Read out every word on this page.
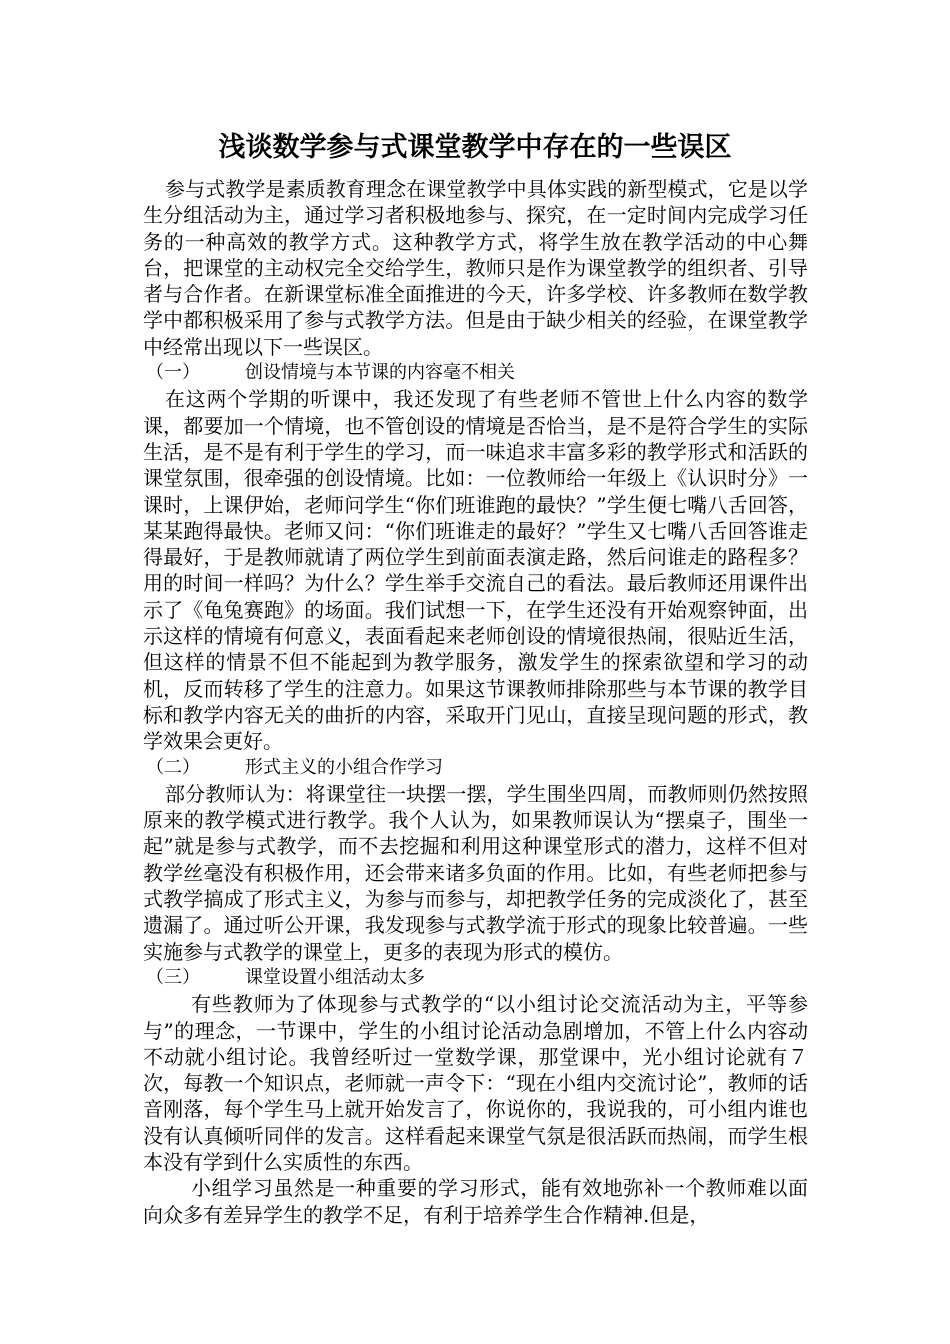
浅谈数学参与式课堂教学中存在的一些误区

参与式教学是素质教育理念在课堂教学中具体实践的新型模式，它是以学生分组活动为主，通过学习者积极地参与、探究，在一定时间内完成学习任务的一种高效的教学方式。这种教学方式，将学生放在教学活动的中心舞台，把课堂的主动权完全交给学生，教师只是作为课堂教学的组织者、引导者与合作者。在新课堂标准全面推进的今天，许多学校、许多教师在数学教学中都积极采用了参与式教学方法。但是由于缺少相关的经验，在课堂教学中经常出现以下一些误区。

（一）	创设情境与本节课的内容毫不相关

在这两个学期的听课中，我还发现了有些老师不管世上什么内容的数学课，都要加一个情境，也不管创设的情境是否恰当，是不是符合学生的实际生活，是不是有利于学生的学习，而一味追求丰富多彩的教学形式和活跃的课堂氛围，很牵强的创设情境。比如：一位教师给一年级上《认识时分》一课时，上课伊始，老师问学生“你们班谁跑的最快？”学生便七嘴八舌回答，某某跑得最快。老师又问：“你们班谁走的最好？”学生又七嘴八舌回答谁走得最好，于是教师就请了两位学生到前面表演走路，然后问谁走的路程多？用的时间一样吗？为什么？学生举手交流自己的看法。最后教师还用课件出示了《龟兔赛跑》的场面。我们试想一下，在学生还没有开始观察钟面，出示这样的情境有何意义，表面看起来老师创设的情境很热闹，很贴近生活，但这样的情景不但不能起到为教学服务，激发学生的探索欲望和学习的动机，反而转移了学生的注意力。如果这节课教师排除那些与本节课的教学目标和教学内容无关的曲折的内容，采取开门见山，直接呈现问题的形式，教学效果会更好。

（二）	形式主义的小组合作学习

部分教师认为：将课堂往一块摆一摆，学生围坐四周，而教师则仍然按照原来的教学模式进行教学。我个人认为，如果教师误认为“摆桌子，围坐一起”就是参与式教学，而不去挖掘和利用这种课堂形式的潜力，这样不但对教学丝毫没有积极作用，还会带来诸多负面的作用。比如，有些老师把参与式教学搞成了形式主义，为参与而参与，却把教学任务的完成淡化了，甚至遗漏了。通过听公开课，我发现参与式教学流于形式的现象比较普遍。一些实施参与式教学的课堂上，更多的表现为形式的模仿。

（三）	课堂设置小组活动太多

有些教师为了体现参与式教学的“以小组讨论交流活动为主，平等参与”的理念，一节课中，学生的小组讨论活动急剧增加，不管上什么内容动不动就小组讨论。我曾经听过一堂数学课，那堂课中，光小组讨论就有７次，每教一个知识点，老师就一声令下：“现在小组内交流讨论”，教师的话音刚落，每个学生马上就开始发言了，你说你的，我说我的，可小组内谁也没有认真倾听同伴的发言。这样看起来课堂气氛是很活跃而热闹，而学生根本没有学到什么实质性的东西。

小组学习虽然是一种重要的学习形式，能有效地弥补一个教师难以面向众多有差异学生的教学不足，有利于培养学生合作精神.但是，
